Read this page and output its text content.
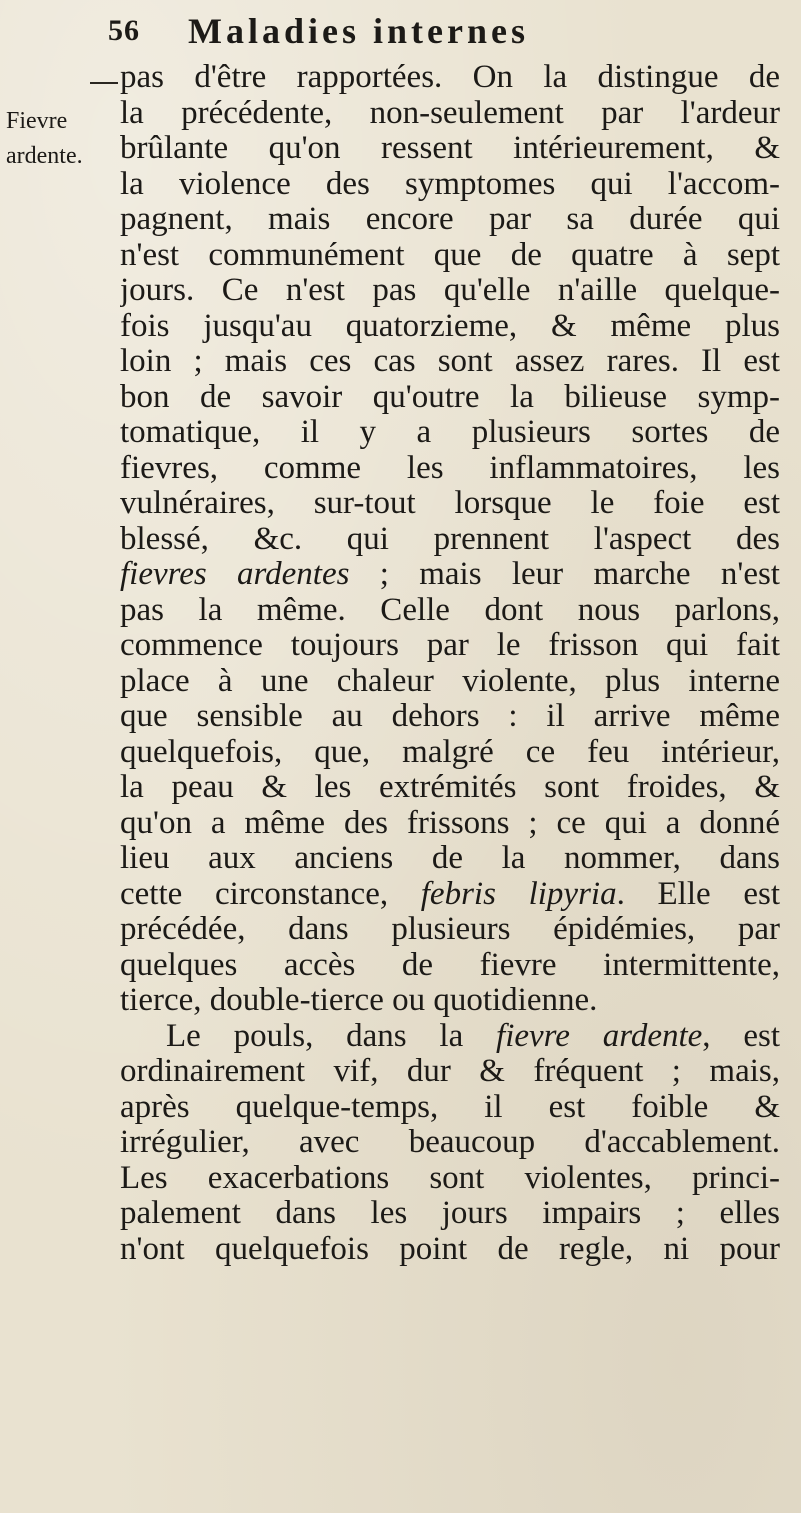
56 Maladies internes
Fievre
ardente.
pas d'être rapportées. On la distingue de
la précédente, non-seulement par l'ardeur
brûlante qu'on ressent intérieurement, &
la violence des symptomes qui l'accom-
pagnent, mais encore par sa durée qui
n'est communément que de quatre à sept
jours. Ce n'est pas qu'elle n'aille quelque-
fois jusqu'au quatorzieme, & même plus
loin ; mais ces cas sont assez rares. Il est
bon de savoir qu'outre la bilieuse symp-
tomatique, il y a plusieurs sortes de
fievres, comme les inflammatoires, les
vulnéraires, sur-tout lorsque le foie est
blessé, &c. qui prennent l'aspect des
fievres ardentes ; mais leur marche n'est
pas la même. Celle dont nous parlons,
commence toujours par le frisson qui fait
place à une chaleur violente, plus interne
que sensible au dehors : il arrive même
quelquefois, que, malgré ce feu intérieur,
la peau & les extrémités sont froides, &
qu'on a même des frissons ; ce qui a donné
lieu aux anciens de la nommer, dans
cette circonstance, febris lipyria. Elle est
précédée, dans plusieurs épidémies, par
quelques accès de fievre intermittente,
tierce, double-tierce ou quotidienne.
Le pouls, dans la fievre ardente, est
ordinairement vif, dur & fréquent ; mais,
après quelque-temps, il est foible &
irrégulier, avec beaucoup d'accablement.
Les exacerbations sont violentes, princi-
palement dans les jours impairs ; elles
n'ont quelquefois point de regle, ni pour
